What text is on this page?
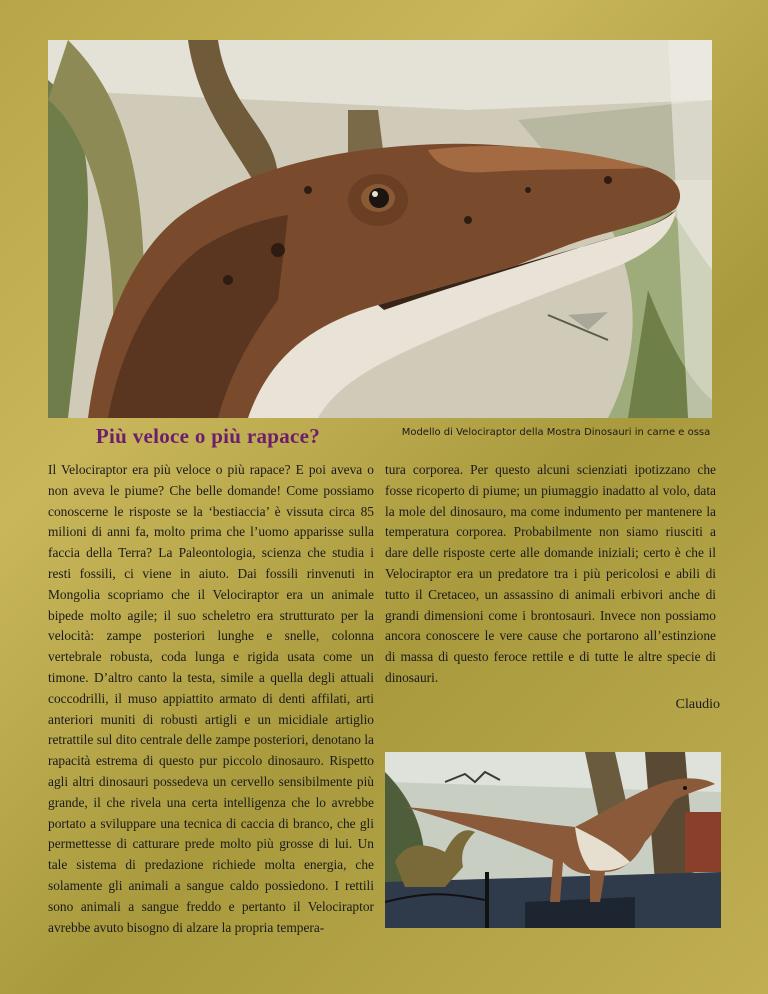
Più veloce o più rapace?	Modello di Velociraptor della Mostra Dinosauri in carne e ossa
Il Velociraptor era più veloce o più rapace? E poi aveva o non aveva le piume? Che belle domande! Come possiamo conoscerne le risposte se la ‘bestiaccia’ è vissuta circa 85 milioni di anni fa, molto prima che l’uomo apparisse sulla faccia della Terra? La Paleontologia, scienza che studia i resti fossili, ci viene in aiuto. Dai fossili rinvenuti in Mongolia scopriamo che il Velociraptor era un animale bipede molto agile; il suo scheletro era strutturato per la velocità: zampe posteriori lunghe e snelle, colonna vertebrale robusta, coda lunga e rigida usata come un timone. D’altro canto la testa, simile a quella degli attuali coccodrilli, il muso appiattito armato di denti affilati, arti anteriori muniti di robusti artigli e un micidiale artiglio retrattile sul dito centrale delle zampe posteriori, denotano la rapacità estrema di questo pur piccolo dinosauro. Rispetto agli altri dinosauri possedeva un cervello sensibilmente più grande, il che rivela una certa intelligenza che lo avrebbe portato a sviluppare una tecnica di caccia di branco, che gli permettesse di catturare prede molto più grosse di lui. Un tale sistema di predazione richiede molta energia, che solamente gli animali a sangue caldo possiedono. I rettili sono animali a sangue freddo e pertanto il Velociraptor avrebbe avuto bisogno di alzare la propria tempera-
tura corporea. Per questo alcuni scienziati ipotizzano che fosse ricoperto di piume; un piumaggio inadatto al volo, data la mole del dinosauro, ma come indumento per mantenere la temperatura corporea. Probabilmente non siamo riusciti a dare delle risposte certe alle domande iniziali; certo è che il Velociraptor era un predatore tra i più pericolosi e abili di tutto il Cretaceo, un assassino di animali erbivori anche di grandi dimensioni come i brontosauri. Invece non possiamo ancora conoscere le vere cause che portarono all’estinzione di massa di questo feroce rettile e di tutte le altre specie di dinosauri.
Claudio
